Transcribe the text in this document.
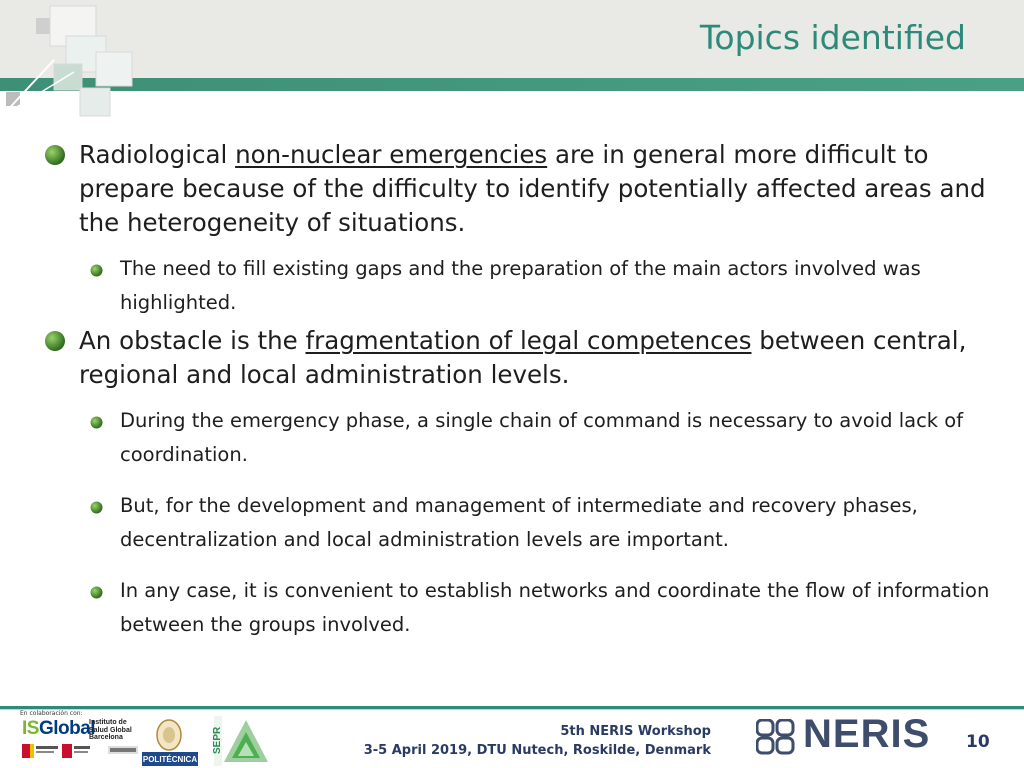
Topics identified
Radiological non-nuclear emergencies are in general more difficult to prepare because of the difficulty to identify potentially affected areas and the heterogeneity of situations.
The need to fill existing gaps and the preparation of the main actors involved was highlighted.
An obstacle is the fragmentation of legal competences between central, regional and local administration levels.
During the emergency phase, a single chain of command is necessary to avoid lack of coordination.
But, for the development and management of intermediate and recovery phases, decentralization and local administration levels are important.
In any case, it is convenient to establish networks and coordinate the flow of information between the groups involved.
En colaboración con:
ISGlobal
Instituto de
Salud Global
Barcelona
POLITÉCNICA
SEPR	5th NERIS Workshop
3-5 April 2019, DTU Nutech, Roskilde, Denmark NERIS 10
